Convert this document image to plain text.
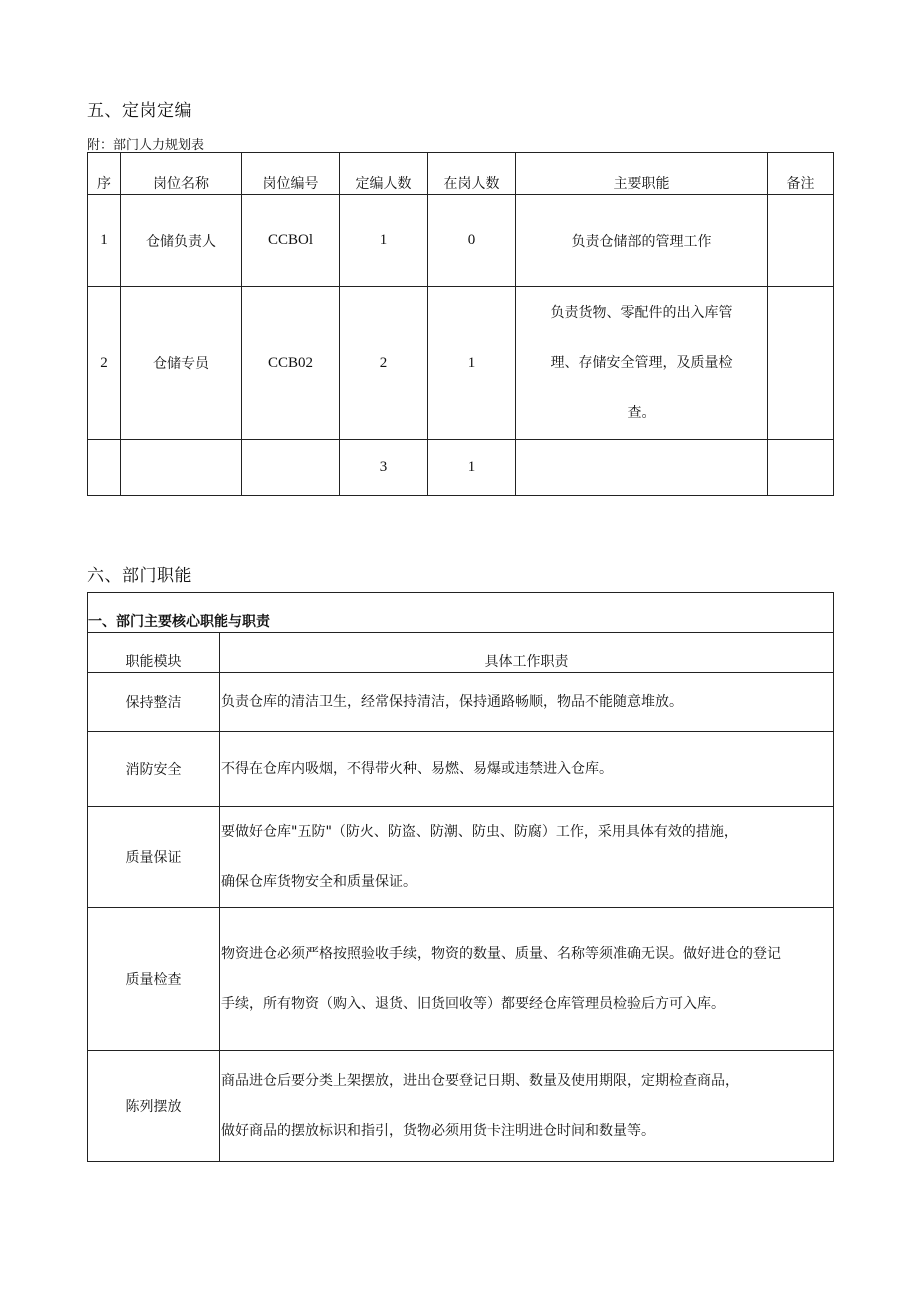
五、定岗定编
附：部门人力规划表
序	岗位名称	岗位编号	定编人数	在岗人数	主要职能	备注
1	仓储负责人	CCBOl	1	0	负责仓储部的管理工作	
2	仓储专员	CCB02	2	1	负责货物、零配件的出入库管
理、存储安全管理，及质量检
查。	

			3	1		
六、部门职能
一、部门主要核心职能与职责	
职能模块	具体工作职责
保持整洁	负责仓库的清洁卫生，经常保持清洁，保持通路畅顺，物品不能随意堆放。

消防安全	不得在仓库内吸烟，不得带火种、易燃、易爆或违禁进入仓库。

质量保证	要做好仓库"五防"（防火、防盗、防潮、防虫、防腐）工作，采用具体有效的措施，
确保仓库货物安全和质量保证。

质量检查	物资进仓必须严格按照验收手续，物资的数量、质量、名称等须准确无误。做好进仓的登记
手续，所有物资（购入、退货、旧货回收等）都要经仓库管理员检验后方可入库。

陈列摆放	商品进仓后要分类上架摆放，进出仓要登记日期、数量及使用期限，定期检查商品，
做好商品的摆放标识和指引，货物必须用货卡注明进仓时间和数量等。
